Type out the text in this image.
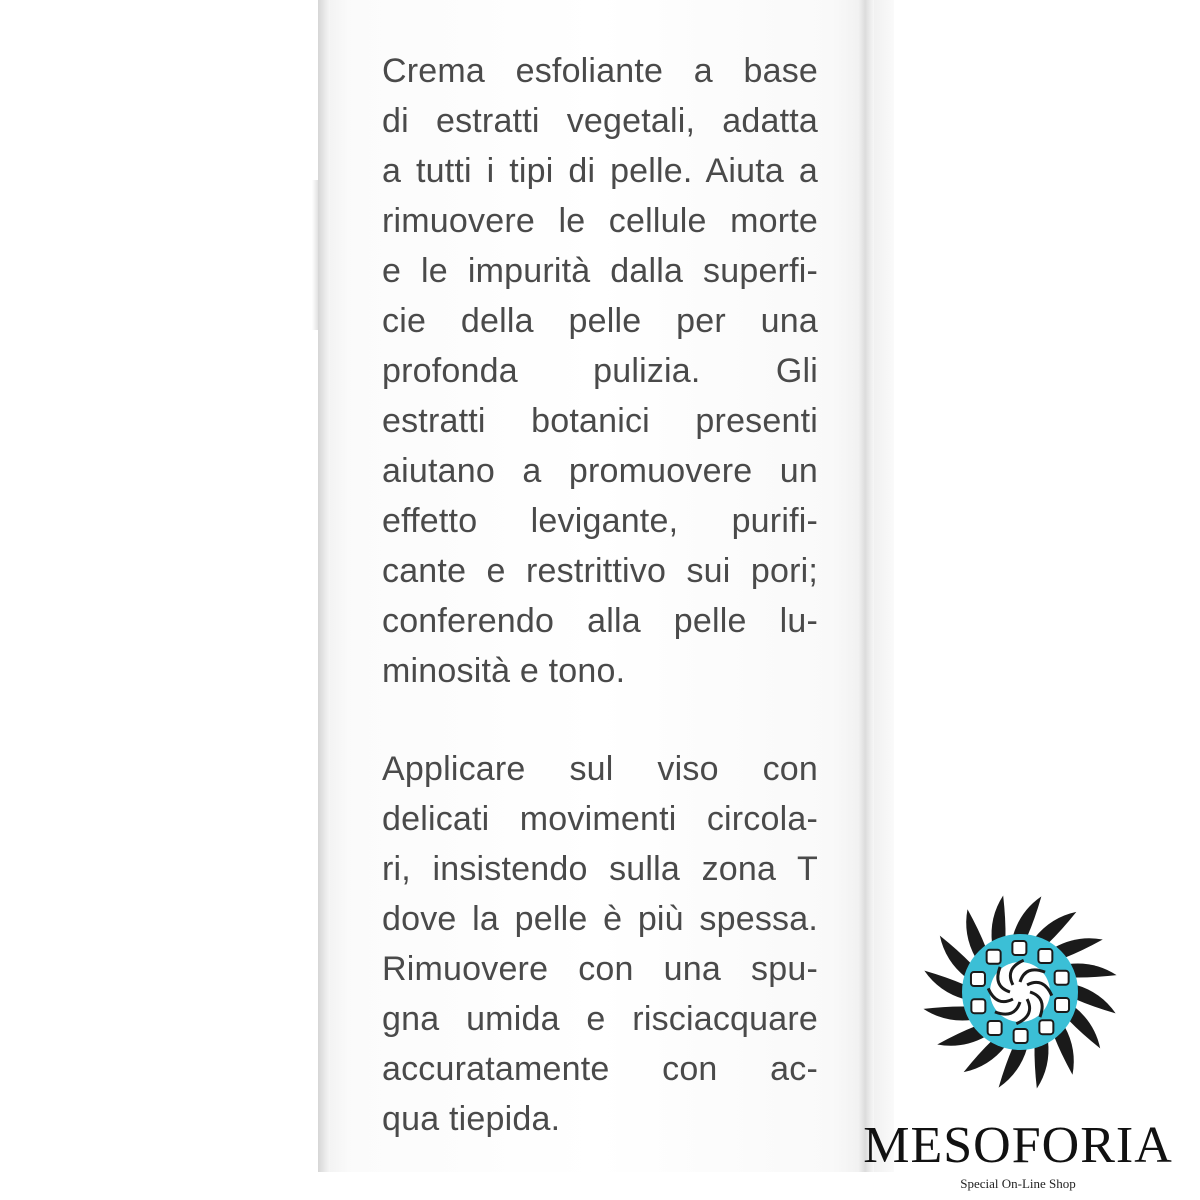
Crema esfoliante a base
di estratti vegetali, adatta
a tutti i tipi di pelle. Aiuta a
rimuovere le cellule morte
e le impurità dalla superfi-
cie della pelle per una
profonda pulizia. Gli
estratti botanici presenti
aiutano a promuovere un
effetto levigante, purifi-
cante e restrittivo sui pori;
conferendo alla pelle lu-
minosità e tono.
Applicare sul viso con
delicati movimenti circola-
ri, insistendo sulla zona T
dove la pelle è più spessa.
Rimuovere con una spu-
gna umida e risciacquare
accuratamente con ac-
qua tiepida.	MESOFORIA
Special On-Line Shop
